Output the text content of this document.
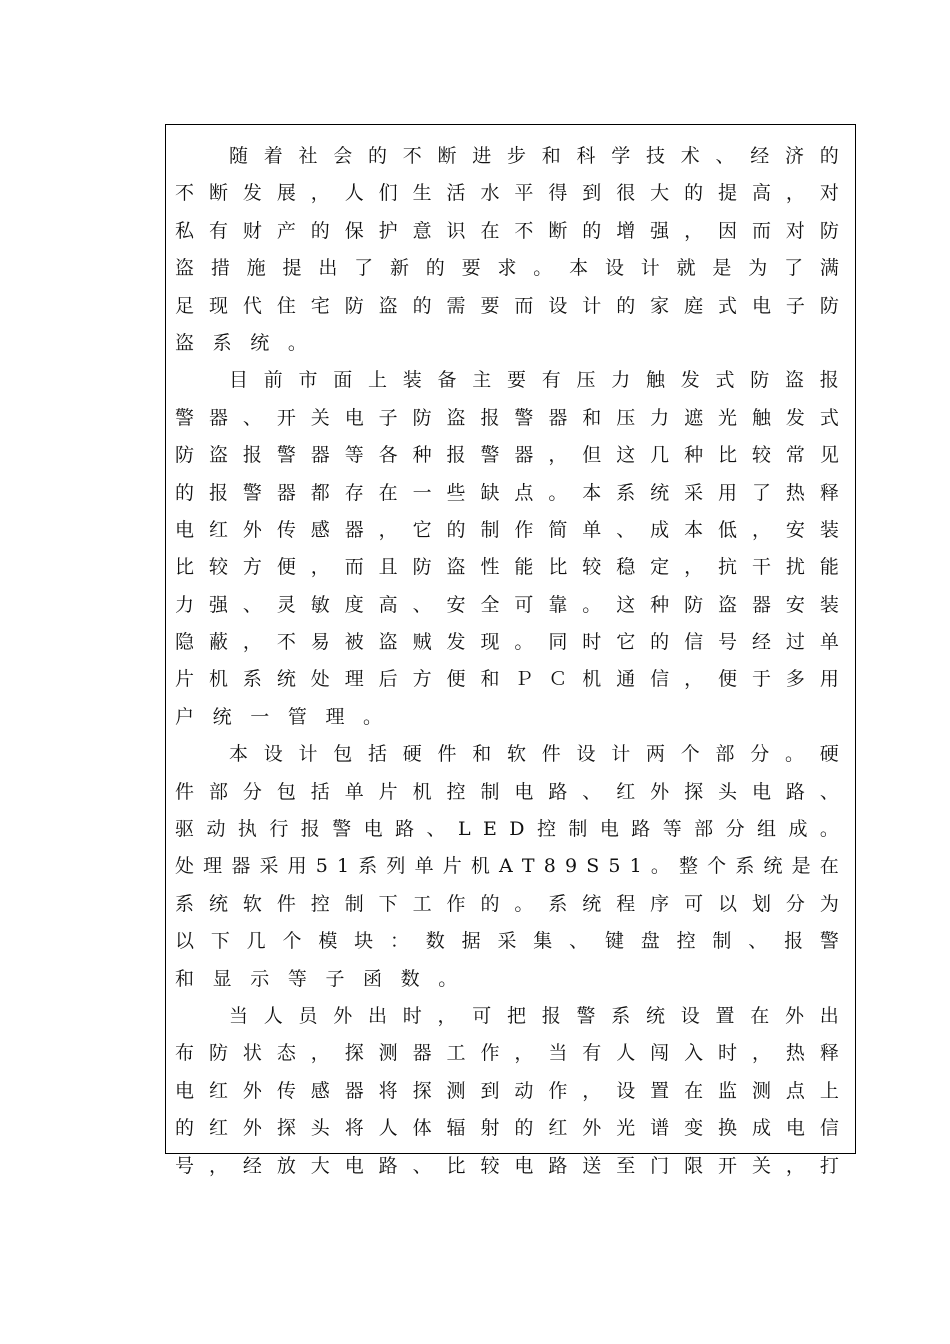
随 着 社 会 的 不 断 进 步 和 科 学 技 术 、 经 济 的
不 断 发 展 ， 人 们 生 活 水 平 得 到 很 大 的 提 高 ， 对
私 有 财 产 的 保 护 意 识 在 不 断 的 增 强 ， 因 而 对 防
盗 措 施 提 出 了 新 的 要 求 。 本 设 计 就 是 为 了 满
足 现 代 住 宅 防 盗 的 需 要 而 设 计 的 家 庭 式 电 子 防
盗 系 统 。
目 前 市 面 上 装 备 主 要 有 压 力 触 发 式 防 盗 报
警 器 、 开 关 电 子 防 盗 报 警 器 和 压 力 遮 光 触 发 式
防 盗 报 警 器 等 各 种 报 警 器 ， 但 这 几 种 比 较 常 见
的 报 警 器 都 存 在 一 些 缺 点 。 本 系 统 采 用 了 热 释
电 红 外 传 感 器 ， 它 的 制 作 简 单 、 成 本 低 ， 安 装
比 较 方 便 ， 而 且 防 盗 性 能 比 较 稳 定 ， 抗 干 扰 能
力 强 、 灵 敏 度 高 、 安 全 可 靠 。 这 种 防 盗 器 安 装
隐 蔽 ， 不 易 被 盗 贼 发 现 。 同 时 它 的 信 号 经 过 单
片 机 系 统 处 理 后 方 便 和 Ｐ Ｃ 机 通 信 ， 便 于 多 用
户 统 一 管 理 。
本 设 计 包 括 硬 件 和 软 件 设 计 两 个 部 分 。 硬
件 部 分 包 括 单 片 机 控 制 电 路 、 红 外 探 头 电 路 、
驱 动 执 行 报 警 电 路 、 L E D 控 制 电 路 等 部 分 组 成 。
处 理 器 采 用 5 1 系 列 单 片 机 A T 8 9 S 5 1 。 整 个 系 统 是 在
系 统 软 件 控 制 下 工 作 的 。 系 统 程 序 可 以 划 分 为
以 下 几 个 模 块 ： 数 据 采 集 、 键 盘 控 制 、 报 警
和 显 示 等 子 函 数 。
当 人 员 外 出 时 ， 可 把 报 警 系 统 设 置 在 外 出
布 防 状 态 ， 探 测 器 工 作 ， 当 有 人 闯 入 时 ， 热 释
电 红 外 传 感 器 将 探 测 到 动 作 ， 设 置 在 监 测 点 上
的 红 外 探 头 将 人 体 辐 射 的 红 外 光 谱 变 换 成 电 信
号 ， 经 放 大 电 路 、 比 较 电 路 送 至 门 限 开 关 ， 打
